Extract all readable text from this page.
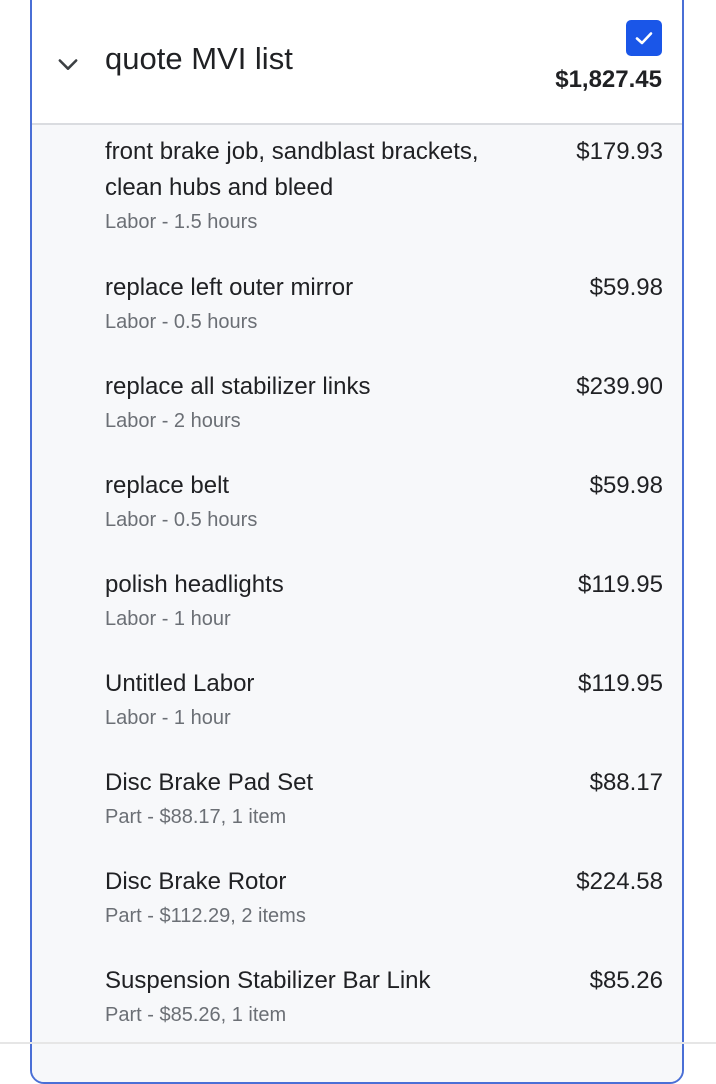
quote MVI list
$1,827.45
front brake job, sandblast brackets, clean hubs and bleed
Labor - 1.5 hours
$179.93
replace left outer mirror
Labor - 0.5 hours
$59.98
replace all stabilizer links
Labor - 2 hours
$239.90
replace belt
Labor - 0.5 hours
$59.98
polish headlights
Labor - 1 hour
$119.95
Untitled Labor
Labor - 1 hour
$119.95
Disc Brake Pad Set
Part - $88.17, 1 item
$88.17
Disc Brake Rotor
Part - $112.29, 2 items
$224.58
Suspension Stabilizer Bar Link
Part - $85.26, 1 item
$85.26
